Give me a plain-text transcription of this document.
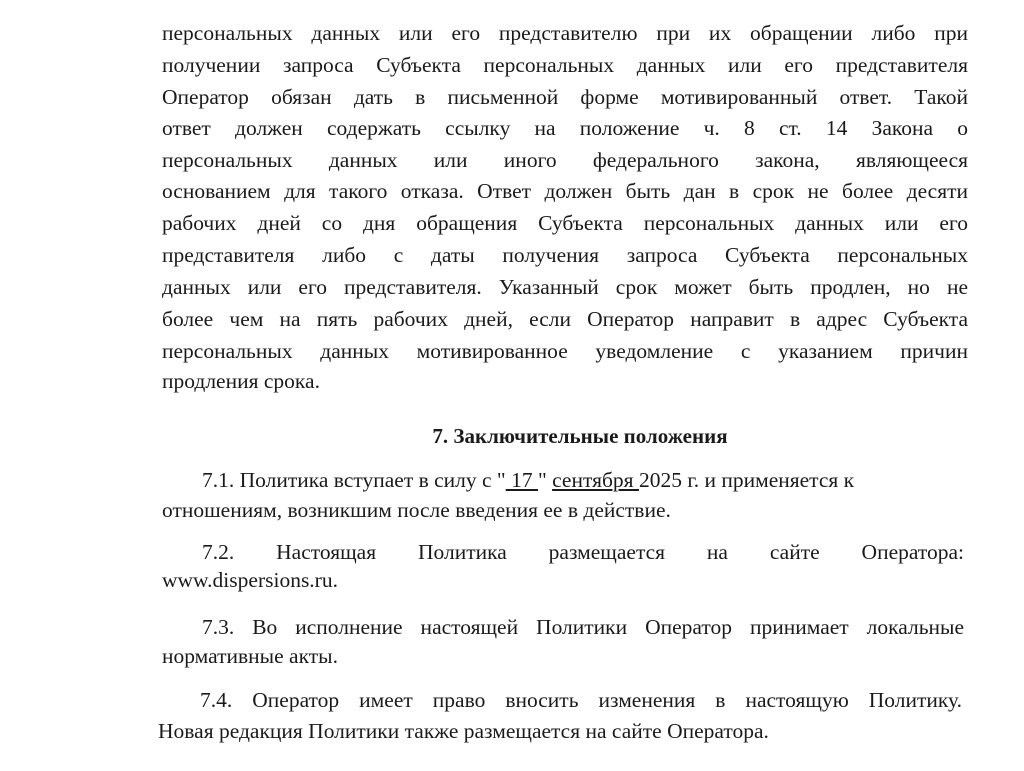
персональных данных или его представителю при их обращении либо при
получении запроса Субъекта персональных данных или его представителя
Оператор обязан дать в письменной форме мотивированный ответ. Такой
ответ должен содержать ссылку на положение ч. 8 ст. 14 Закона о
персональных данных или иного федерального закона, являющееся
основанием для такого отказа. Ответ должен быть дан в срок не более десяти
рабочих дней со дня обращения Субъекта персональных данных или его
представителя либо с даты получения запроса Субъекта персональных
данных или его представителя. Указанный срок может быть продлен, но не
более чем на пять рабочих дней, если Оператор направит в адрес Субъекта
персональных данных мотивированное уведомление с указанием причин
продления срока.
7. Заключительные положения
7.1. Политика вступает в силу с " 17 " сентября 2025 г. и применяется к
отношениям, возникшим после введения ее в действие.
7.2. Настоящая Политика размещается на сайте Оператора:
www.dispersions.ru.
7.3. Во исполнение настоящей Политики Оператор принимает локальные
нормативные акты.
7.4. Оператор имеет право вносить изменения в настоящую Политику.
Новая редакция Политики также размещается на сайте Оператора.
